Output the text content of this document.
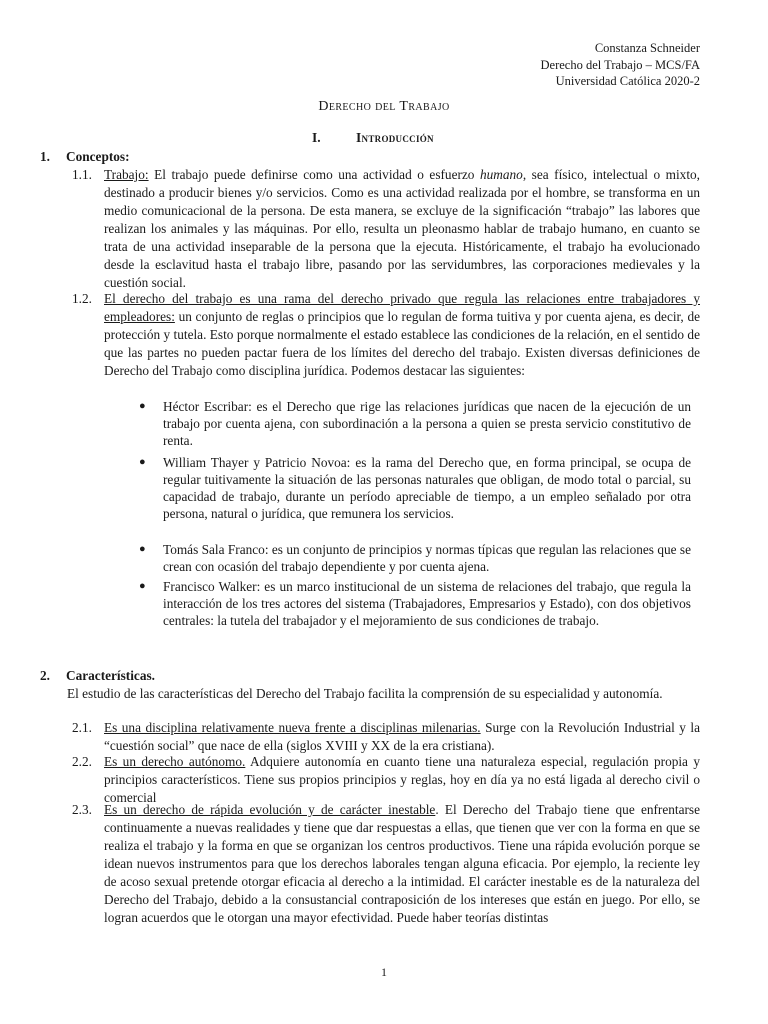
Constanza Schneider
Derecho del Trabajo – MCS/FA
Universidad Católica 2020-2
Derecho del Trabajo
I.	Introducción
1. Conceptos:
1.1. Trabajo: El trabajo puede definirse como una actividad o esfuerzo humano, sea físico, intelectual o mixto, destinado a producir bienes y/o servicios. Como es una actividad realizada por el hombre, se transforma en un medio comunicacional de la persona. De esta manera, se excluye de la significación “trabajo” las labores que realizan los animales y las máquinas. Por ello, resulta un pleonasmo hablar de trabajo humano, en cuanto se trata de una actividad inseparable de la persona que la ejecuta. Históricamente, el trabajo ha evolucionado desde la esclavitud hasta el trabajo libre, pasando por las servidumbres, las corporaciones medievales y la cuestión social.
1.2. El derecho del trabajo es una rama del derecho privado que regula las relaciones entre trabajadores y empleadores: un conjunto de reglas o principios que lo regulan de forma tuitiva y por cuenta ajena, es decir, de protección y tutela. Esto porque normalmente el estado establece las condiciones de la relación, en el sentido de que las partes no pueden pactar fuera de los límites del derecho del trabajo. Existen diversas definiciones de Derecho del Trabajo como disciplina jurídica. Podemos destacar las siguientes:
● Héctor Escribar: es el Derecho que rige las relaciones jurídicas que nacen de la ejecución de un trabajo por cuenta ajena, con subordinación a la persona a quien se presta servicio constitutivo de renta.
● William Thayer y Patricio Novoa: es la rama del Derecho que, en forma principal, se ocupa de regular tuitivamente la situación de las personas naturales que obligan, de modo total o parcial, su capacidad de trabajo, durante un período apreciable de tiempo, a un empleo señalado por otra persona, natural o jurídica, que remunera los servicios.
● Tomás Sala Franco: es un conjunto de principios y normas típicas que regulan las relaciones que se crean con ocasión del trabajo dependiente y por cuenta ajena.
● Francisco Walker: es un marco institucional de un sistema de relaciones del trabajo, que regula la interacción de los tres actores del sistema (Trabajadores, Empresarios y Estado), con dos objetivos centrales: la tutela del trabajador y el mejoramiento de sus condiciones de trabajo.
2. Características.
El estudio de las características del Derecho del Trabajo facilita la comprensión de su especialidad y autonomía.
2.1. Es una disciplina relativamente nueva frente a disciplinas milenarias. Surge con la Revolución Industrial y la “cuestión social” que nace de ella (siglos XVIII y XX de la era cristiana).
2.2. Es un derecho autónomo. Adquiere autonomía en cuanto tiene una naturaleza especial, regulación propia y principios característicos. Tiene sus propios principios y reglas, hoy en día ya no está ligada al derecho civil o comercial
2.3. Es un derecho de rápida evolución y de carácter inestable. El Derecho del Trabajo tiene que enfrentarse continuamente a nuevas realidades y tiene que dar respuestas a ellas, que tienen que ver con la forma en que se realiza el trabajo y la forma en que se organizan los centros productivos. Tiene una rápida evolución porque se idean nuevos instrumentos para que los derechos laborales tengan alguna eficacia. Por ejemplo, la reciente ley de acoso sexual pretende otorgar eficacia al derecho a la intimidad. El carácter inestable es de la naturaleza del Derecho del Trabajo, debido a la consustancial contraposición de los intereses que están en juego. Por ello, se logran acuerdos que le otorgan una mayor efectividad. Puede haber teorías distintas
1
